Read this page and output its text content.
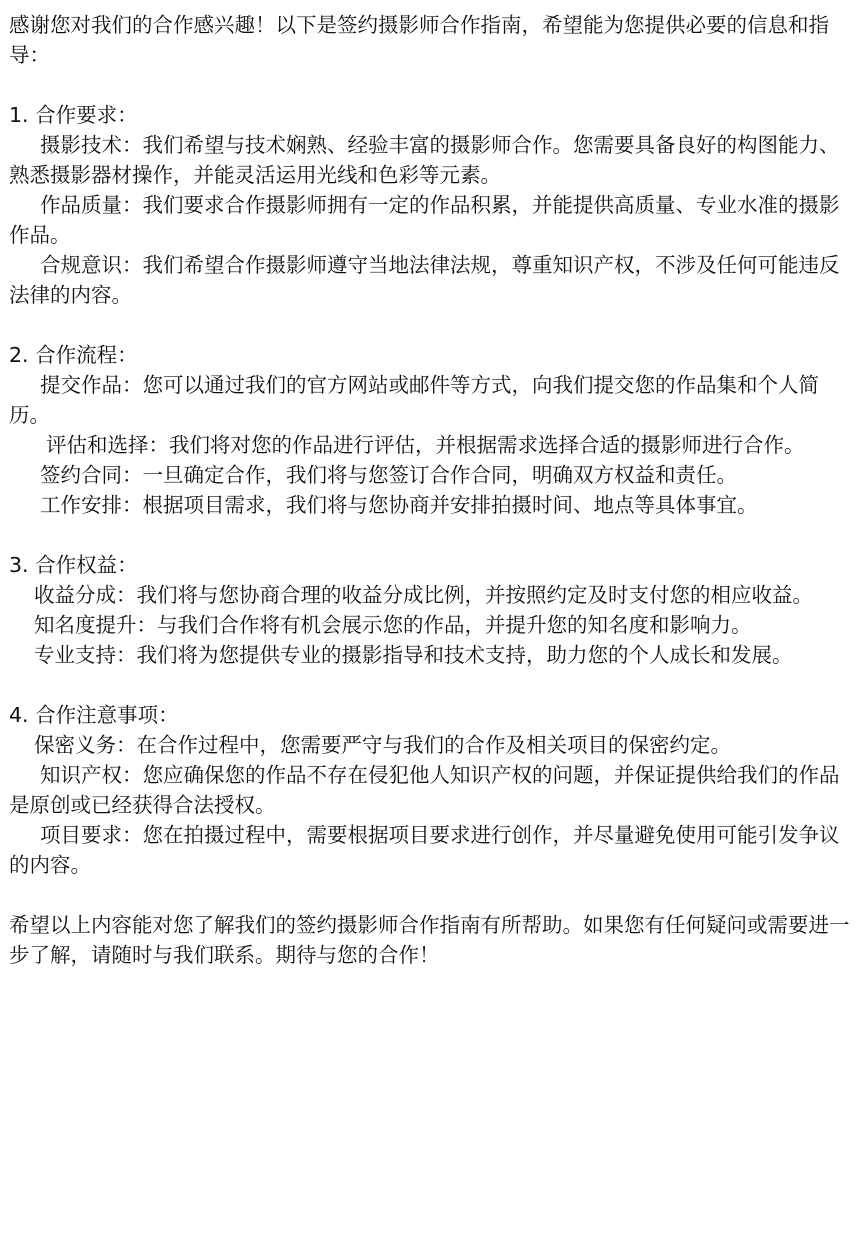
感谢您对我们的合作感兴趣！以下是签约摄影师合作指南，希望能为您提供必要的信息和指导：

1. 合作要求：

摄影技术：我们希望与技术娴熟、经验丰富的摄影师合作。您需要具备良好的构图能力、熟悉摄影器材操作，并能灵活运用光线和色彩等元素。

作品质量：我们要求合作摄影师拥有一定的作品积累，并能提供高质量、专业水准的摄影作品。

合规意识：我们希望合作摄影师遵守当地法律法规，尊重知识产权，不涉及任何可能违反法律的内容。

2. 合作流程：

提交作品：您可以通过我们的官方网站或邮件等方式，向我们提交您的作品集和个人简历。

评估和选择：我们将对您的作品进行评估，并根据需求选择合适的摄影师进行合作。

签约合同：一旦确定合作，我们将与您签订合作合同，明确双方权益和责任。

工作安排：根据项目需求，我们将与您协商并安排拍摄时间、地点等具体事宜。

3. 合作权益：

收益分成：我们将与您协商合理的收益分成比例，并按照约定及时支付您的相应收益。

知名度提升：与我们合作将有机会展示您的作品，并提升您的知名度和影响力。

专业支持：我们将为您提供专业的摄影指导和技术支持，助力您的个人成长和发展。

4. 合作注意事项：

保密义务：在合作过程中，您需要严守与我们的合作及相关项目的保密约定。

知识产权：您应确保您的作品不存在侵犯他人知识产权的问题，并保证提供给我们的作品是原创或已经获得合法授权。

项目要求：您在拍摄过程中，需要根据项目要求进行创作，并尽量避免使用可能引发争议的内容。

希望以上内容能对您了解我们的签约摄影师合作指南有所帮助。如果您有任何疑问或需要进一步了解，请随时与我们联系。期待与您的合作！
